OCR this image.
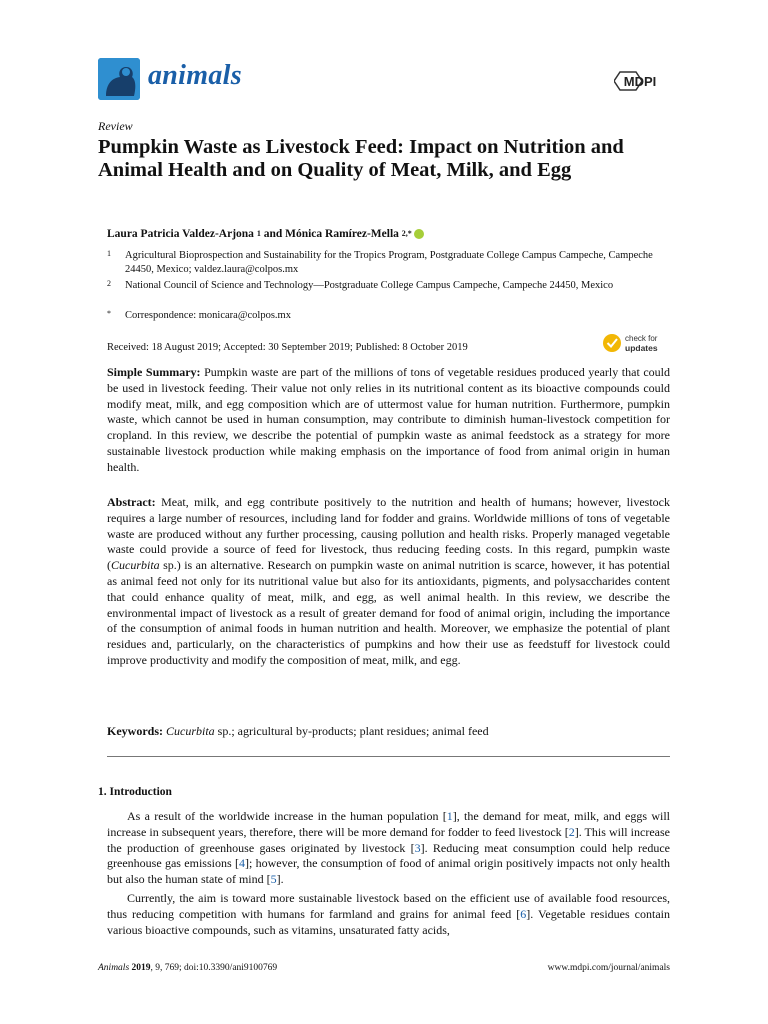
animals	MDPI
Review
Pumpkin Waste as Livestock Feed: Impact on Nutrition and Animal Health and on Quality of Meat, Milk, and Egg
Laura Patricia Valdez-Arjona
1 and Mónica Ramírez-Mella
2,*
1 Agricultural Bioprospection and Sustainability for the Tropics Program, Postgraduate College Campus Campeche, Campeche 24450, Mexico; valdez.laura@colpos.mx
2 National Council of Science and Technology—Postgraduate College Campus Campeche, Campeche 24450, Mexico
* Correspondence: monicara@colpos.mx
Received: 18 August 2019; Accepted: 30 September 2019; Published: 8 October 2019
check for
updates
Simple Summary: Pumpkin waste are part of the millions of tons of vegetable residues produced yearly that could be used in livestock feeding. Their value not only relies in its nutritional content as its bioactive compounds could modify meat, milk, and egg composition which are of uttermost value for human nutrition. Furthermore, pumpkin waste, which cannot be used in human consumption, may contribute to diminish human-livestock competition for cropland. In this review, we describe the potential of pumpkin waste as animal feedstock as a strategy for more sustainable livestock production while making emphasis on the importance of food from animal origin in human health.
Abstract: Meat, milk, and egg contribute positively to the nutrition and health of humans; however, livestock requires a large number of resources, including land for fodder and grains. Worldwide millions of tons of vegetable waste are produced without any further processing, causing pollution and health risks. Properly managed vegetable waste could provide a source of feed for livestock, thus reducing feeding costs. In this regard, pumpkin waste (Cucurbita sp.) is an alternative. Research on pumpkin waste on animal nutrition is scarce, however, it has potential as animal feed not only for its nutritional value but also for its antioxidants, pigments, and polysaccharides content that could enhance quality of meat, milk, and egg, as well animal health. In this review, we describe the environmental impact of livestock as a result of greater demand for food of animal origin, including the importance of the consumption of animal foods in human nutrition and health. Moreover, we emphasize the potential of plant residues and, particularly, on the characteristics of pumpkins and how their use as feedstuff for livestock could improve productivity and modify the composition of meat, milk, and egg.
Keywords: Cucurbita sp.; agricultural by-products; plant residues; animal feed
1. Introduction
As a result of the worldwide increase in the human population [1], the demand for meat, milk, and eggs will increase in subsequent years, therefore, there will be more demand for fodder to feed livestock [2]. This will increase the production of greenhouse gases originated by livestock [3]. Reducing meat consumption could help reduce greenhouse gas emissions [4]; however, the consumption of food of animal origin positively impacts not only health but also the human state of mind [5].
Currently, the aim is toward more sustainable livestock based on the efficient use of available food resources, thus reducing competition with humans for farmland and grains for animal feed [6]. Vegetable residues contain various bioactive compounds, such as vitamins, unsaturated fatty acids,
Animals 2019, 9, 769; doi:10.3390/ani9100769	www.mdpi.com/journal/animals
